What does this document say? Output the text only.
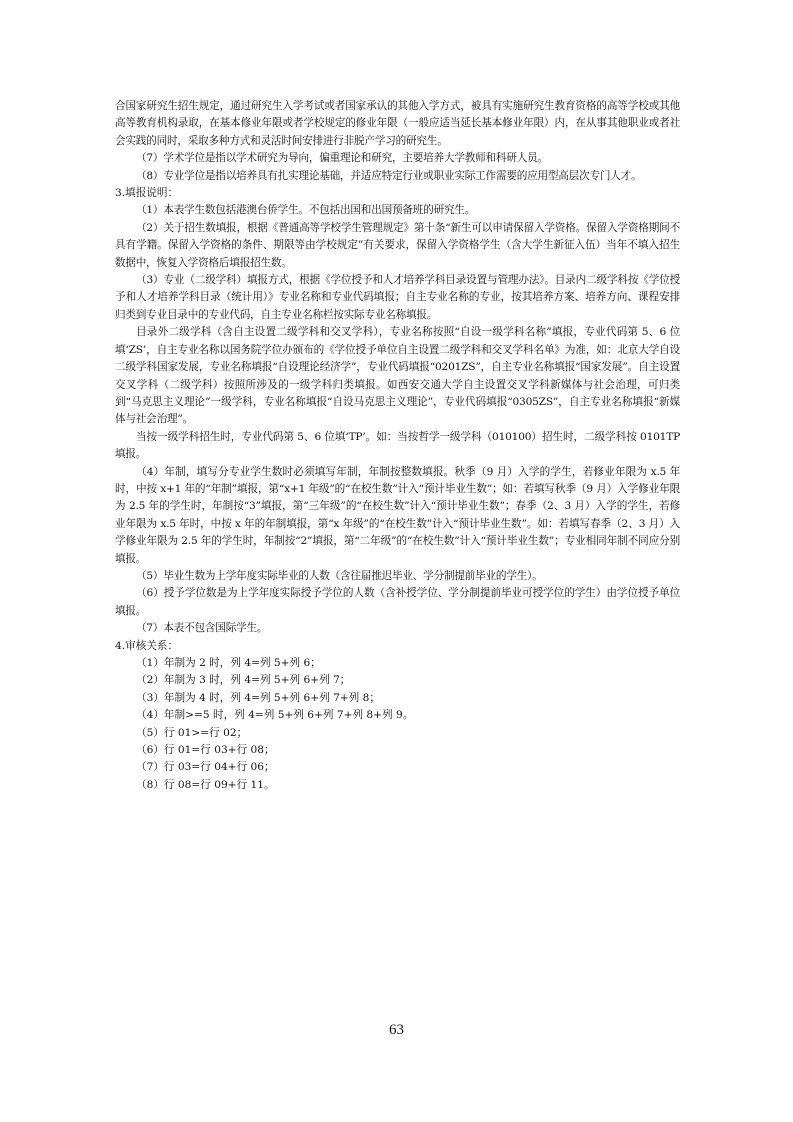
合国家研究生招生规定，通过研究生入学考试或者国家承认的其他入学方式，被具有实施研究生教育资格的高等学校或其他高等教育机构录取，在基本修业年限或者学校规定的修业年限（一般应适当延长基本修业年限）内，在从事其他职业或者社会实践的同时，采取多种方式和灵活时间安排进行非脱产学习的研究生。

（7）学术学位是指以学术研究为导向，偏重理论和研究，主要培养大学教师和科研人员。

（8）专业学位是指以培养具有扎实理论基础，并适应特定行业或职业实际工作需要的应用型高层次专门人才。

3.填报说明：

（1）本表学生数包括港澳台侨学生。不包括出国和出国预备班的研究生。

（2）关于招生数填报，根据《普通高等学校学生管理规定》第十条“新生可以申请保留入学资格。保留入学资格期间不具有学籍。保留入学资格的条件、期限等由学校规定”有关要求，保留入学资格学生（含大学生新征入伍）当年不填入招生数据中，恢复入学资格后填报招生数。

（3）专业（二级学科）填报方式，根据《学位授予和人才培养学科目录设置与管理办法》。目录内二级学科按《学位授予和人才培养学科目录（统计用）》专业名称和专业代码填报；自主专业名称的专业，按其培养方案、培养方向、课程安排归类到专业目录中的专业代码，自主专业名称栏按实际专业名称填报。

目录外二级学科（含自主设置二级学科和交叉学科），专业名称按照“自设一级学科名称”填报，专业代码第 5、6 位填‘ZS’，自主专业名称以国务院学位办颁布的《学位授予单位自主设置二级学科和交叉学科名单》为准，如：北京大学自设二级学科国家发展，专业名称填报“自设理论经济学”，专业代码填报“0201ZS”，自主专业名称填报“国家发展”。自主设置交叉学科（二级学科）按照所涉及的一级学科归类填报。如西安交通大学自主设置交叉学科新媒体与社会治理，可归类到“马克思主义理论”一级学科，专业名称填报“自设马克思主义理论”，专业代码填报“0305ZS”，自主专业名称填报“新媒体与社会治理”。

当按一级学科招生时，专业代码第 5、6 位填‘TP’。如：当按哲学一级学科（010100）招生时，二级学科按 0101TP 填报。

（4）年制，填写分专业学生数时必须填写年制，年制按整数填报。秋季（9 月）入学的学生，若修业年限为 x.5 年时，中按 x+1 年的“年制”填报，第“x+1 年级”的“在校生数”计入“预计毕业生数”；如：若填写秋季（9 月）入学修业年限为 2.5 年的学生时，年制按“3”填报，第“三年级”的“在校生数”计入“预计毕业生数”；春季（2、3 月）入学的学生，若修业年限为 x.5 年时，中按 x 年的年制填报，第“x 年级”的“在校生数”计入“预计毕业生数”。如：若填写春季（2、3 月）入学修业年限为 2.5 年的学生时，年制按“2”填报，第“二年级”的“在校生数”计入“预计毕业生数”；专业相同年制不同应分别填报。

（5）毕业生数为上学年度实际毕业的人数（含往届推迟毕业、学分制提前毕业的学生）。

（6）授予学位数是为上学年度实际授予学位的人数（含补授学位、学分制提前毕业可授学位的学生）由学位授予单位填报。

（7）本表不包含国际学生。

4.审核关系：

（1）年制为 2 时，列 4=列 5+列 6；
（2）年制为 3 时，列 4=列 5+列 6+列 7；
（3）年制为 4 时，列 4=列 5+列 6+列 7+列 8；
（4）年制>=5 时，列 4=列 5+列 6+列 7+列 8+列 9。
（5）行 01>=行 02；
（6）行 01=行 03+行 08；
（7）行 03=行 04+行 06；
（8）行 08=行 09+行 11。
63
